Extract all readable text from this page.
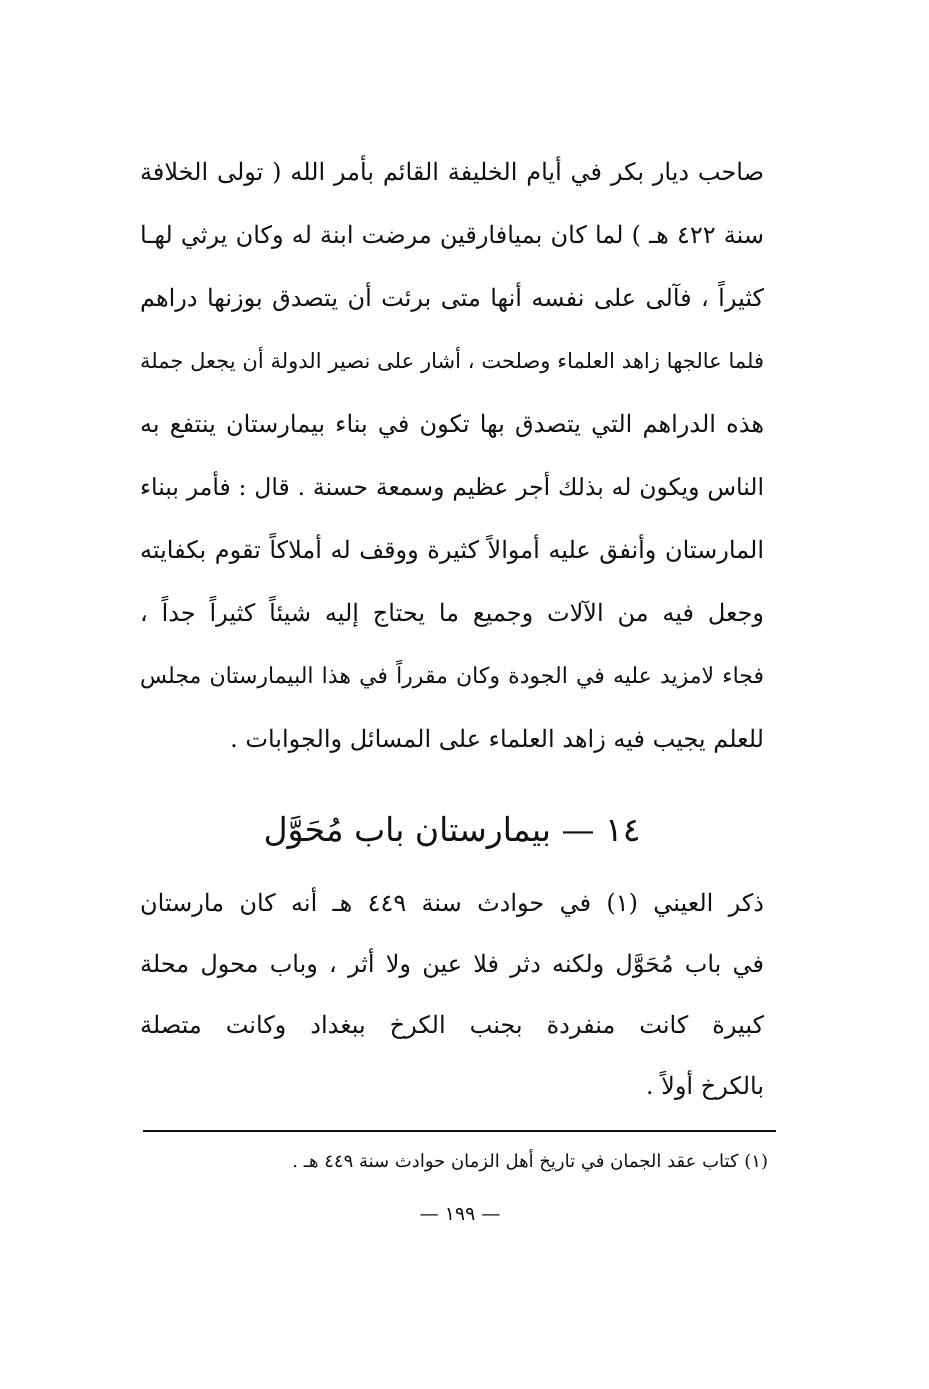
صاحب ديار بكر في أيام الخليفة القائم بأمر الله ( تولى الخلافة
سنة ٤٢٢ هـ ) لما كان بميافارقين مرضت ابنة له وكان يرثي لهـا
كثيراً ، فآلى على نفسه أنها متى برئت أن يتصدق بوزنها دراهم
فلما عالجها زاهد العلماء وصلحت ، أشار على نصير الدولة أن يجعل جملة
هذه الدراهم التي يتصدق بها تكون في بناء بيمارستان ينتفع به
الناس ويكون له بذلك أجر عظيم وسمعة حسنة . قال : فأمر ببناء
المارستان وأنفق عليه أموالاً كثيرة ووقف له أملاكاً تقوم بكفايته
وجعل فيه من الآلات وجميع ما يحتاج إليه شيئاً كثيراً جداً ،
فجاء لامزيد عليه في الجودة وكان مقرراً في هذا البيمارستان مجلس
للعلم يجيب فيه زاهد العلماء على المسائل والجوابات .
١٤ — بيمارستان باب مُحَوَّل
ذكر العيني (١) في حوادث سنة ٤٤٩ هـ أنه كان مارستان
في باب مُحَوَّل ولكنه دثر فلا عين ولا أثر ، وباب محول محلة
كبيرة كانت منفردة بجنب الكرخ ببغداد وكانت متصلة
بالكرخ أولاً .
(١) كتاب عقد الجمان في تاريخ أهل الزمان حوادث سنة ٤٤٩ هـ .
— ١٩٩ —
